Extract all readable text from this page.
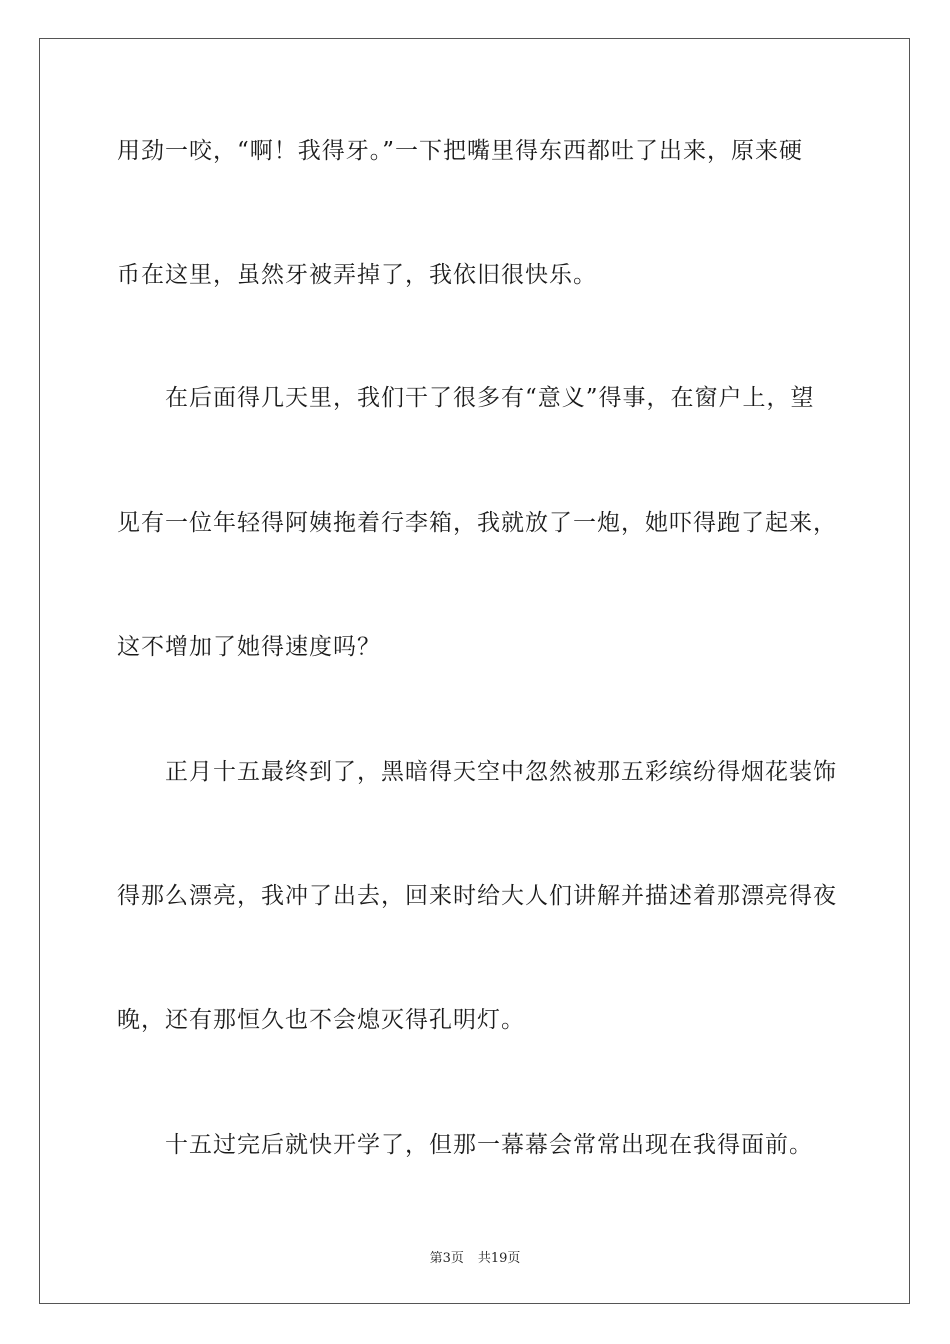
用劲一咬，“啊！我得牙。”一下把嘴里得东西都吐了出来，原来硬
币在这里，虽然牙被弄掉了，我依旧很快乐。
在后面得几天里，我们干了很多有“意义”得事，在窗户上，望
见有一位年轻得阿姨拖着行李箱，我就放了一炮，她吓得跑了起来，
这不增加了她得速度吗？
正月十五最终到了，黑暗得天空中忽然被那五彩缤纷得烟花装饰
得那么漂亮，我冲了出去，回来时给大人们讲解并描述着那漂亮得夜
晚，还有那恒久也不会熄灭得孔明灯。
十五过完后就快开学了，但那一幕幕会常常出现在我得面前。
第3页 共19页
